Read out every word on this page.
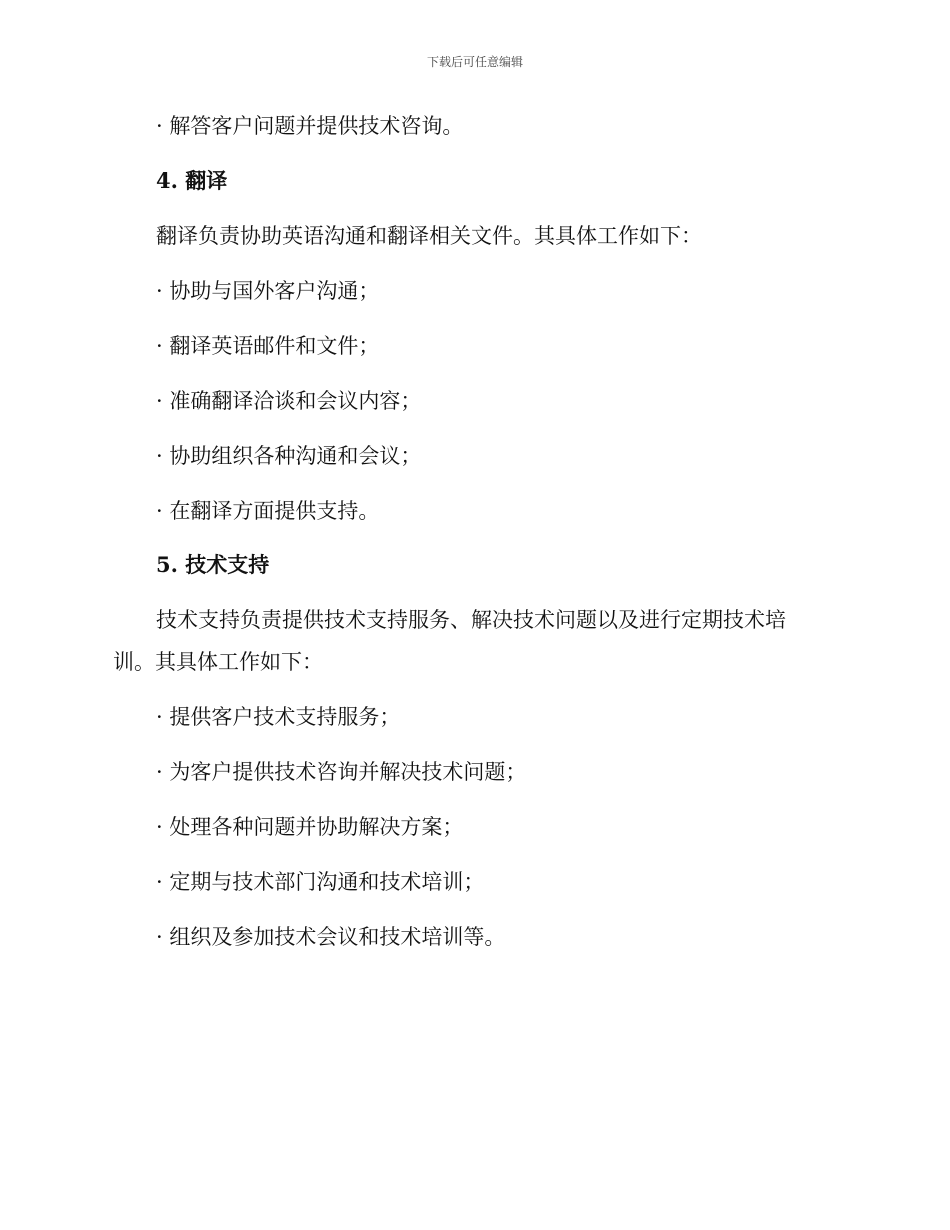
下载后可任意编辑

· 解答客户问题并提供技术咨询。

4. 翻译

翻译负责协助英语沟通和翻译相关文件。其具体工作如下：

· 协助与国外客户沟通；

· 翻译英语邮件和文件；

· 准确翻译洽谈和会议内容；

· 协助组织各种沟通和会议；

· 在翻译方面提供支持。

5. 技术支持

技术支持负责提供技术支持服务、解决技术问题以及进行定期技术培

训。其具体工作如下：

· 提供客户技术支持服务；

· 为客户提供技术咨询并解决技术问题；

· 处理各种问题并协助解决方案；

· 定期与技术部门沟通和技术培训；

· 组织及参加技术会议和技术培训等。
